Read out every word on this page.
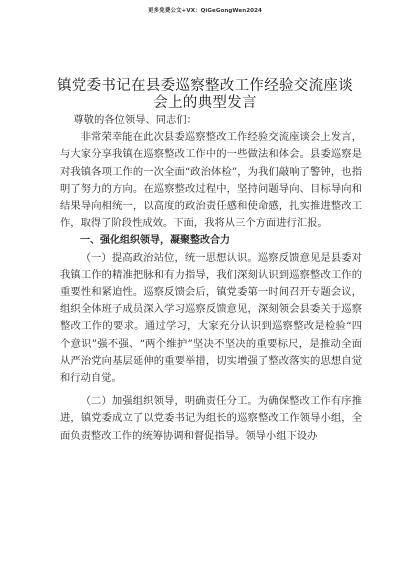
更多免费公文+VX：QiGeGongWen2024
镇党委书记在县委巡察整改工作经验交流座谈会上的典型发言

尊敬的各位领导、同志们：

非常荣幸能在此次县委巡察整改工作经验交流座谈会上发言，与大家分享我镇在巡察整改工作中的一些做法和体会。县委巡察是对我镇各项工作的一次全面“政治体检”，为我们敲响了警钟，也指明了努力的方向。在巡察整改过程中，坚持问题导向、目标导向和结果导向相统一，以高度的政治责任感和使命感，扎实推进整改工作，取得了阶段性成效。下面，我将从三个方面进行汇报。

一、强化组织领导，凝聚整改合力

（一）提高政治站位，统一思想认识。巡察反馈意见是县委对我镇工作的精准把脉和有力指导，我们深刻认识到巡察整改工作的重要性和紧迫性。巡察反馈会后，镇党委第一时间召开专题会议，组织全体班子成员深入学习巡察反馈意见，深刻领会县委关于巡察整改工作的要求。通过学习，大家充分认识到巡察整改是检验“四个意识”强不强、“两个维护”坚决不坚决的重要标尺，是推动全面从严治党向基层延伸的重要举措，切实增强了整改落实的思想自觉和行动自觉。

（二）加强组织领导，明确责任分工。为确保整改工作有序推进，镇党委成立了以党委书记为组长的巡察整改工作领导小组，全面负责整改工作的统筹协调和督促指导。领导小组下设办
